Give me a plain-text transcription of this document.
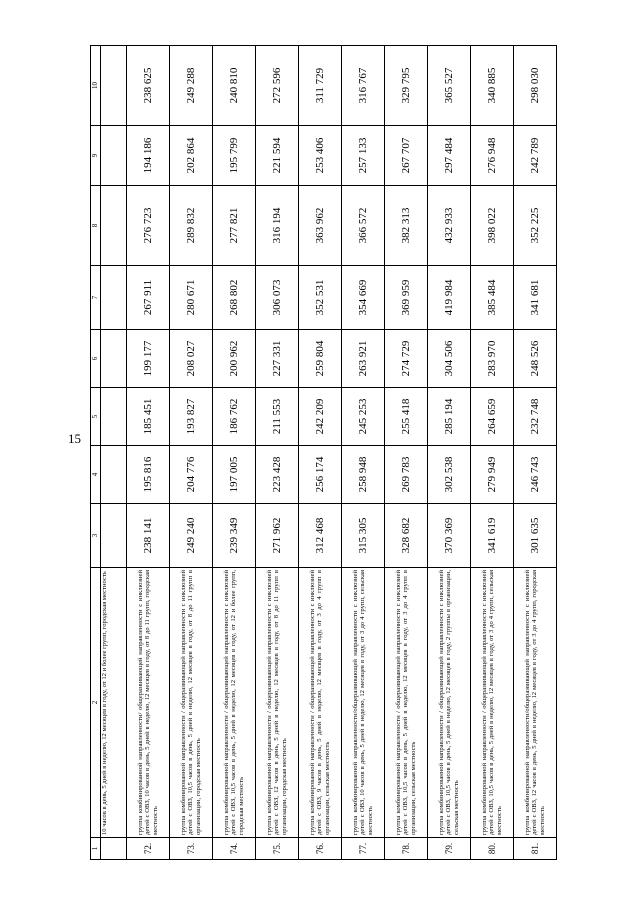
15
1	2	3	4	5	6	7	8	9	10
	10 часов в день, 5 дней в неделю, 12 месяцев в году, от 12 и более групп, городская местность								
72.	группа комбинированной направленности/ общеразвивающей направленности с инклюзией детей с ОВЗ, 10 часов в день, 5 дней в неделю, 12 месяцев в году, от 8 до 11 групп, городская местность	238 141	195 816	185 451	199 177	267 911	276 723	194 186	238 625
73.	группа комбинированной направленности / общеразвивающей направленности с инклюзией детей с ОВЗ, 10,5 часов в день, 5 дней в неделю, 12 месяцев в году, от 8 до 11 групп в организации, городская местность	249 240	204 776	193 827	208 027	280 671	289 832	202 864	249 288
74.	группа комбинированной направленности / общеразвивающей направленности с инклюзией детей с ОВЗ, 10,5 часов в день, 5 дней в неделю, 12 месяцев в году, от 12 и более групп, городская местность	239 349	197 005	186 762	200 962	268 802	277 821	195 799	240 810
75.	группа комбинированной направленности / общеразвивающей направленности с инклюзией детей с ОВЗ, 12 часов в день, 5 дней в неделю, 12 месяцев в году, от 8 до 11 групп в организации, городская местность	271 962	223 428	211 553	227 331	306 073	316 194	221 594	272 596
76.	группа комбинированной направленности / общеразвивающей направленности с инклюзией детей с ОВЗ, 9 часов в день, 5 дней в неделю, 12 месяцев в году, от 3 до 4 групп в организации, сельская местность	312 468	256 174	242 209	259 804	352 531	363 962	253 406	311 729
77.	группа комбинированной направленности/общеразвивающей направленности с инклюзией детей с ОВЗ, 10 часов в день, 5 дней в неделю, 12 месяцев в году, от 3 до 4 групп, сельская местность	315 305	258 948	245 253	263 921	354 669	366 572	257 133	316 767
78.	группа комбинированной направленности / общеразвивающей направленности с инклюзией детей с ОВЗ, 10,5 часов в день, 5 дней в неделю, 12 месяцев в году, от 3 до 4 групп в организации, сельская местность	328 682	269 783	255 418	274 729	369 959	382 313	267 707	329 795
79.	группа комбинированной направленности / общеразвивающей направленности с инклюзией детей с ОВЗ, 10,5 часов в день, 5 дней в неделю, 12 месяцев в году, 2 группы в организации, сельская местность	370 369	302 538	285 194	304 506	419 984	432 933	297 484	365 527
80.	группа комбинированной направленности / общеразвивающей направленности с инклюзией детей с ОВЗ, 10,5 часов в день, 5 дней в неделю, 12 месяцев в году, от 3 до 4 групп, сельская местность	341 619	279 949	264 659	283 970	385 484	398 022	276 948	340 885
81.	группа комбинированной направленности/общеразвивающей направленности с инклюзией детей с ОВЗ, 12 часов в день, 5 дней в неделю, 12 месяцев в году, от 3 до 4 групп, городская местность	301 635	246 743	232 748	248 526	341 681	352 225	242 789	298 030
